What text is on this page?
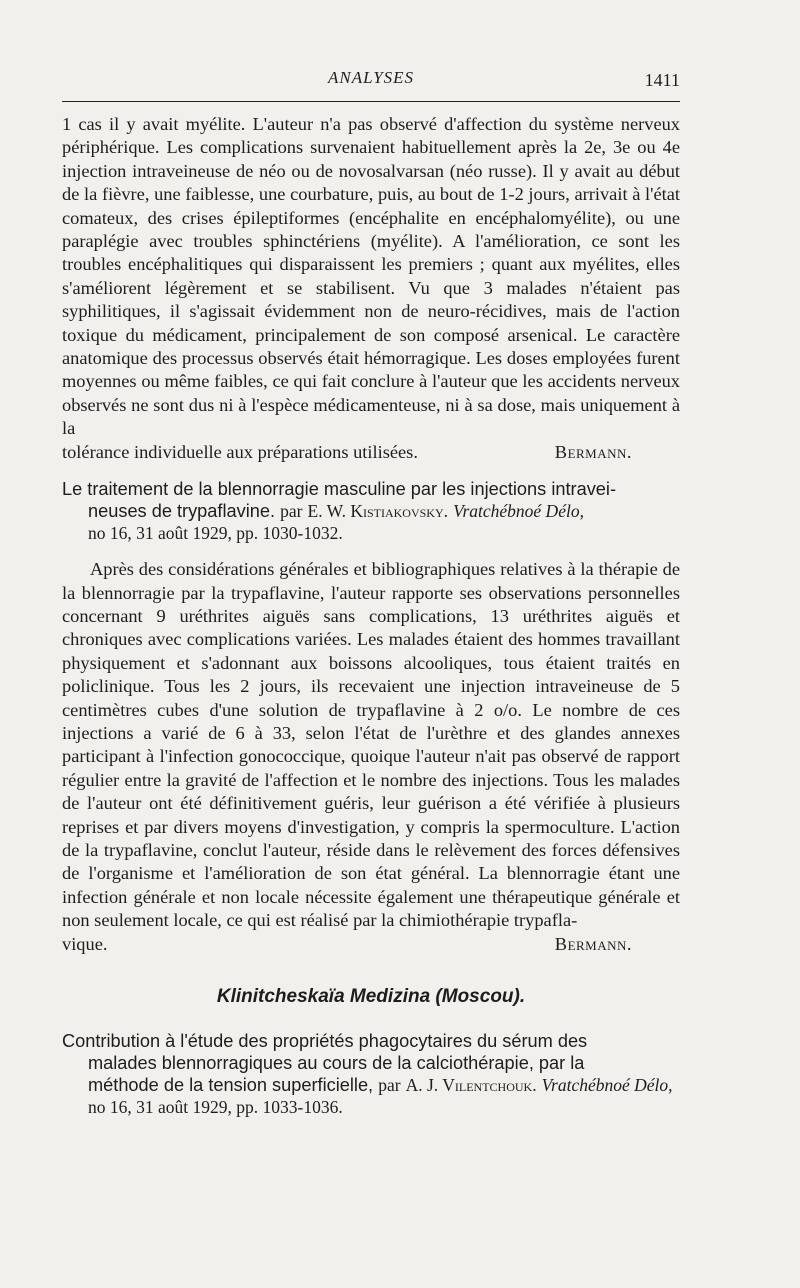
ANALYSES	1411

1 cas il y avait myélite. L'auteur n'a pas observé d'affection du système nerveux périphérique. Les complications survenaient habituellement après la 2e, 3e ou 4e injection intraveineuse de néo ou de novosalvarsan (néo russe). Il y avait au début de la fièvre, une faiblesse, une courbature, puis, au bout de 1-2 jours, arrivait à l'état comateux, des crises épileptiformes (encéphalite en encéphalomyélite), ou une paraplégie avec troubles sphinctériens (myélite). A l'amélioration, ce sont les troubles encéphalitiques qui disparaissent les premiers ; quant aux myélites, elles s'améliorent légèrement et se stabilisent. Vu que 3 malades n'étaient pas syphilitiques, il s'agissait évidemment non de neuro-récidives, mais de l'action toxique du médicament, principalement de son composé arsenical. Le caractère anatomique des processus observés était hémorragique. Les doses employées furent moyennes ou même faibles, ce qui fait conclure à l'auteur que les accidents nerveux observés ne sont dus ni à l'espèce médicamenteuse, ni à sa dose, mais uniquement à la

tolérance individuelle aux préparations utilisées.	Bermann.
Le traitement de la blennorragie masculine par les injections intravei-
neuses de trypaflavine. par E. W. Kistiakovsky. Vratchébnoé Délo,
no 16, 31 août 1929, pp. 1030-1032.

Après des considérations générales et bibliographiques relatives à la thérapie de la blennorragie par la trypaflavine, l'auteur rapporte ses observations personnelles concernant 9 uréthrites aiguës sans complications, 13 uréthrites aiguës et chroniques avec complications variées. Les malades étaient des hommes travaillant physiquement et s'adonnant aux boissons alcooliques, tous étaient traités en policlinique. Tous les 2 jours, ils recevaient une injection intraveineuse de 5 centimètres cubes d'une solution de trypaflavine à 2 o/o. Le nombre de ces injections a varié de 6 à 33, selon l'état de l'urèthre et des glandes annexes participant à l'infection gonococcique, quoique l'auteur n'ait pas observé de rapport régulier entre la gravité de l'affection et le nombre des injections. Tous les malades de l'auteur ont été définitivement guéris, leur guérison a été vérifiée à plusieurs reprises et par divers moyens d'investigation, y compris la spermoculture. L'action de la trypaflavine, conclut l'auteur, réside dans le relèvement des forces défensives de l'organisme et l'amélioration de son état général. La blennorragie étant une infection générale et non locale nécessite également une thérapeutique générale et non seulement locale, ce qui est réalisé par la chimiothérapie trypafla-

vique.	Bermann.
Klinitcheskaïa Medizina (Moscou).
Contribution à l'étude des propriétés phagocytaires du sérum des
malades blennorragiques au cours de la calciothérapie, par la
méthode de la tension superficielle, par A. J. Vilentchouk. Vratchébnoé Délo,
no 16, 31 août 1929, pp. 1033-1036.
